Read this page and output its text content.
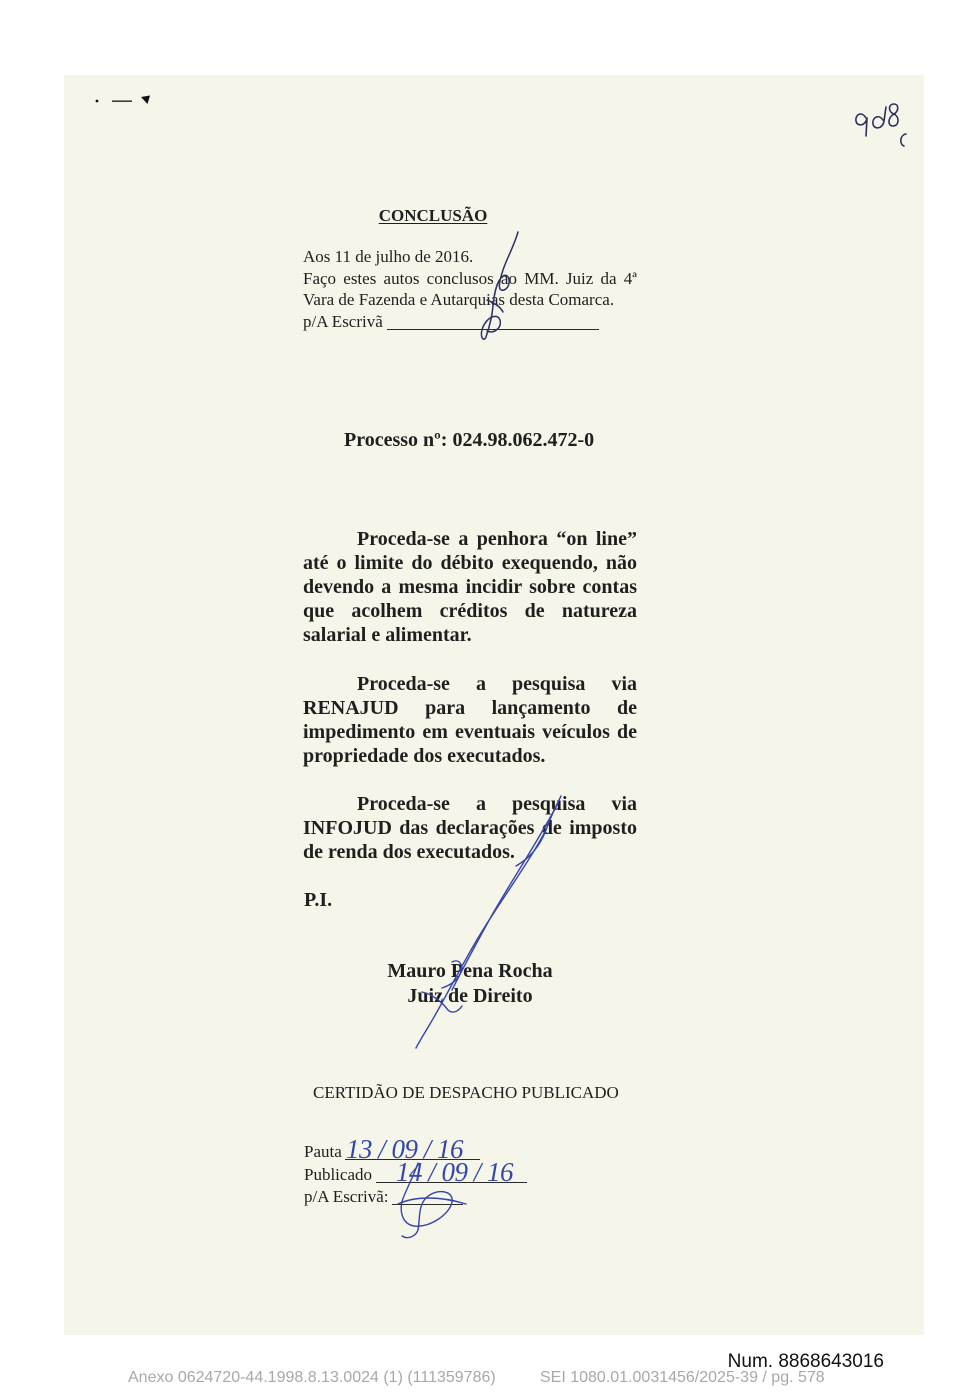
CONCLUSÃO
Aos 11 de julho de 2016.
Faço estes autos conclusos ao MM. Juiz da 4ª
Vara de Fazenda e Autarquias desta Comarca.
p/A Escrivã
Processo nº: 024.98.062.472-0
Proceda-se a penhora “on line”
até o limite do débito exequendo, não
devendo a mesma incidir sobre contas
que acolhem créditos de natureza
salarial e alimentar.
Proceda-se a pesquisa via
RENAJUD para lançamento de
impedimento em eventuais veículos de
propriedade dos executados.
Proceda-se a pesquisa via
INFOJUD das declarações de imposto
de renda dos executados.
P.I.
Mauro Pena Rocha
Juiz de Direito
CERTIDÃO DE DESPACHO PUBLICADO
Pauta
Publicado
p/A Escrivã:
13 / 09 / 16
14 / 09 / 16
Num. 8868643016
Anexo 0624720-44.1998.8.13.0024 (1) (111359786)	SEI 1080.01.0031456/2025-39 / pg. 578
